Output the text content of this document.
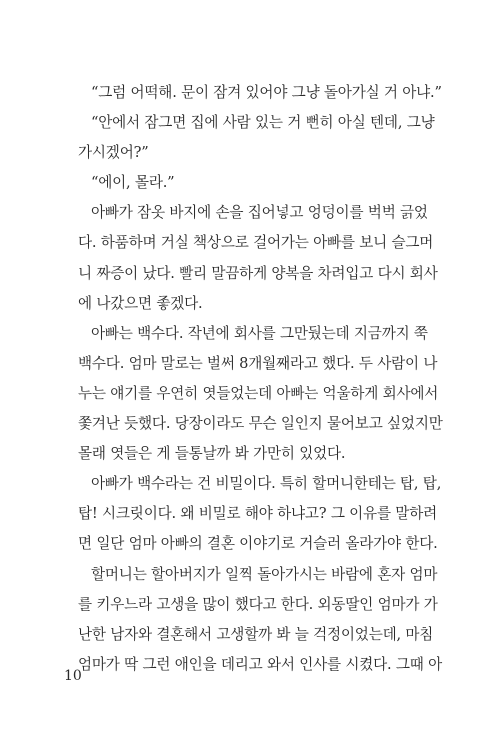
“그럼 어떡해. 문이 잠겨 있어야 그냥 돌아가실 거 아냐.”
“안에서 잠그면 집에 사람 있는 거 뻔히 아실 텐데, 그냥
가시겠어?”
“에이, 몰라.”
아빠가 잠옷 바지에 손을 집어넣고 엉덩이를 벅벅 긁었
다. 하품하며 거실 책상으로 걸어가는 아빠를 보니 슬그머
니 짜증이 났다. 빨리 말끔하게 양복을 차려입고 다시 회사
에 나갔으면 좋겠다.
아빠는 백수다. 작년에 회사를 그만뒀는데 지금까지 쭉
백수다. 엄마 말로는 벌써 8개월째라고 했다. 두 사람이 나
누는 얘기를 우연히 엿들었는데 아빠는 억울하게 회사에서
쫓겨난 듯했다. 당장이라도 무슨 일인지 물어보고 싶었지만
몰래 엿들은 게 들통날까 봐 가만히 있었다.
아빠가 백수라는 건 비밀이다. 특히 할머니한테는 탑, 탑,
탑! 시크릿이다. 왜 비밀로 해야 하냐고? 그 이유를 말하려
면 일단 엄마 아빠의 결혼 이야기로 거슬러 올라가야 한다.
할머니는 할아버지가 일찍 돌아가시는 바람에 혼자 엄마
를 키우느라 고생을 많이 했다고 한다. 외동딸인 엄마가 가
난한 남자와 결혼해서 고생할까 봐 늘 걱정이었는데, 마침
엄마가 딱 그런 애인을 데리고 와서 인사를 시켰다. 그때 아
10
